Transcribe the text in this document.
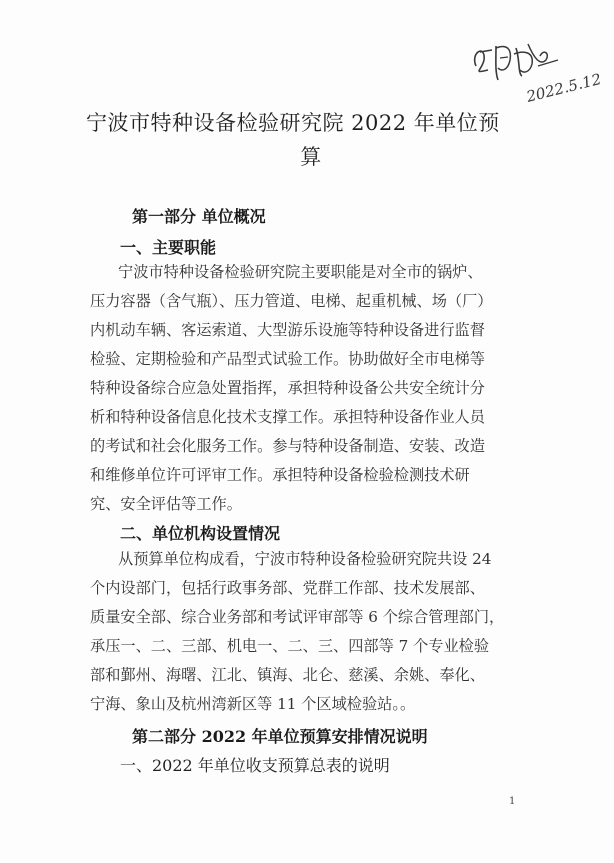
2022.5.12
宁波市特种设备检验研究院 2022 年单位预
算
第一部分 单位概况
一、主要职能
宁波市特种设备检验研究院主要职能是对全市的锅炉、
压力容器（含气瓶）、压力管道、电梯、起重机械、场（厂）
内机动车辆、客运索道、大型游乐设施等特种设备进行监督
检验、定期检验和产品型式试验工作。协助做好全市电梯等
特种设备综合应急处置指挥，承担特种设备公共安全统计分
析和特种设备信息化技术支撑工作。承担特种设备作业人员
的考试和社会化服务工作。参与特种设备制造、安装、改造
和维修单位许可评审工作。承担特种设备检验检测技术研
究、安全评估等工作。
二、单位机构设置情况
从预算单位构成看，宁波市特种设备检验研究院共设 24
个内设部门，包括行政事务部、党群工作部、技术发展部、
质量安全部、综合业务部和考试评审部等 6 个综合管理部门，
承压一、二、三部、机电一、二、三、四部等 7 个专业检验
部和鄞州、海曙、江北、镇海、北仑、慈溪、余姚、奉化、
宁海、象山及杭州湾新区等 11 个区域检验站。。
第二部分 2022 年单位预算安排情况说明
一、2022 年单位收支预算总表的说明
1
